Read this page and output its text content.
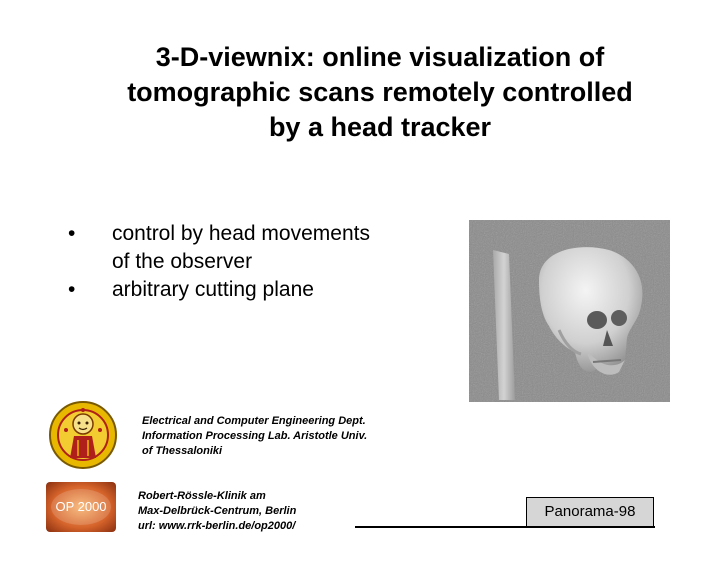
3-D-viewnix: online visualization of
tomographic scans remotely controlled
by a head tracker
•	control by head movements
of the observer
•	arbitrary cutting plane
Electrical and Computer Engineering Dept.
Information Processing Lab. Aristotle Univ.
of Thessaloniki
OP 2000
Robert-Rössle-Klinik am
Max-Delbrück-Centrum, Berlin
url: www.rrk-berlin.de/op2000/
Panorama-98
